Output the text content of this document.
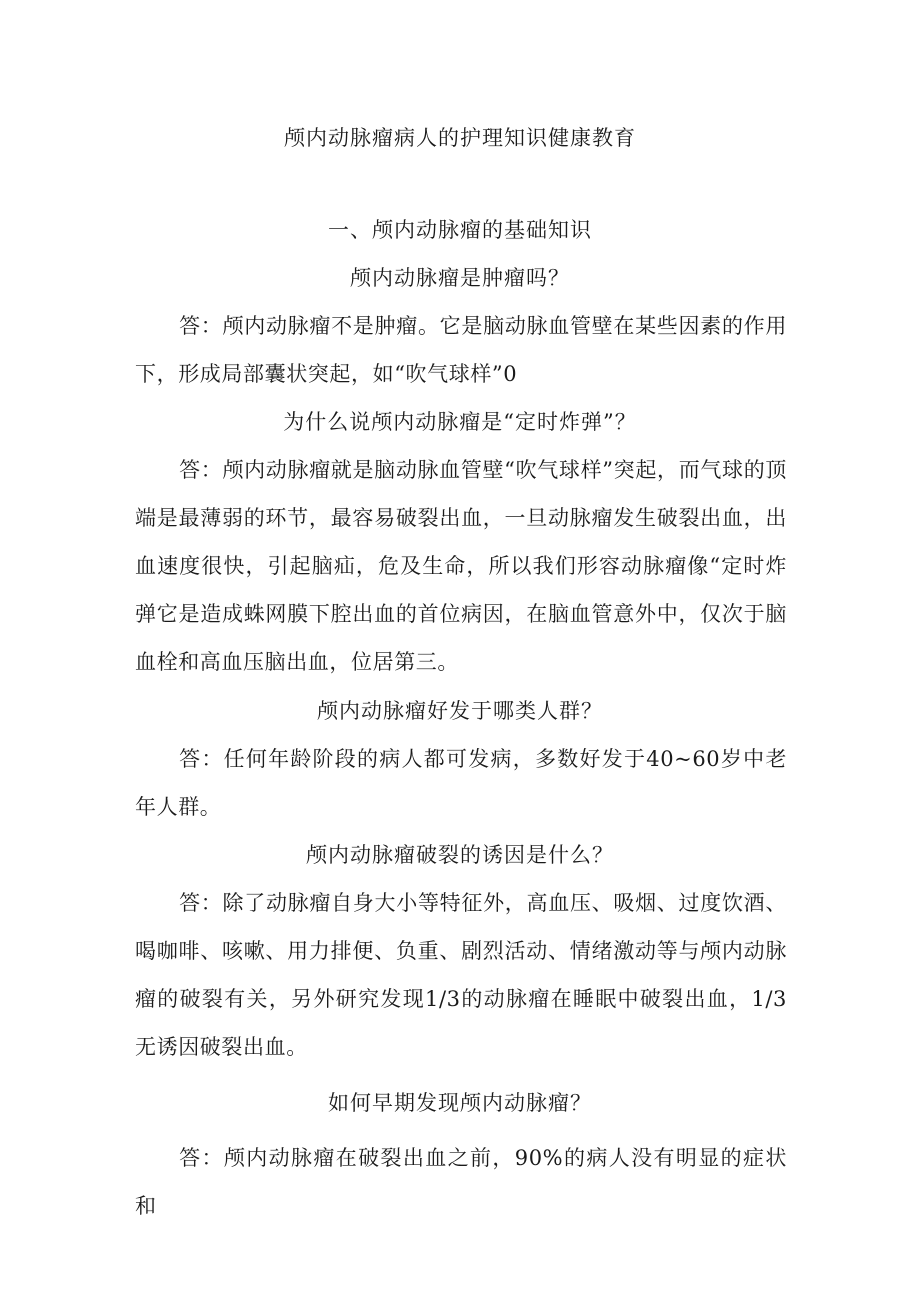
颅内动脉瘤病人的护理知识健康教育
一、颅内动脉瘤的基础知识
颅内动脉瘤是肿瘤吗？
答：颅内动脉瘤不是肿瘤。它是脑动脉血管壁在某些因素的作用下，形成局部囊状突起，如“吹气球样”0
为什么说颅内动脉瘤是“定时炸弹”？
答：颅内动脉瘤就是脑动脉血管壁“吹气球样”突起，而气球的顶端是最薄弱的环节，最容易破裂出血，一旦动脉瘤发生破裂出血，出血速度很快，引起脑疝，危及生命，所以我们形容动脉瘤像“定时炸弹它是造成蛛网膜下腔出血的首位病因，在脑血管意外中，仅次于脑血栓和高血压脑出血，位居第三。
颅内动脉瘤好发于哪类人群？
答：任何年龄阶段的病人都可发病，多数好发于40~60岁中老年人群。
颅内动脉瘤破裂的诱因是什么？
答：除了动脉瘤自身大小等特征外，高血压、吸烟、过度饮酒、喝咖啡、咳嗽、用力排便、负重、剧烈活动、情绪激动等与颅内动脉瘤的破裂有关，另外研究发现1/3的动脉瘤在睡眠中破裂出血，1/3无诱因破裂出血。
如何早期发现颅内动脉瘤？
答：颅内动脉瘤在破裂出血之前，90%的病人没有明显的症状和
